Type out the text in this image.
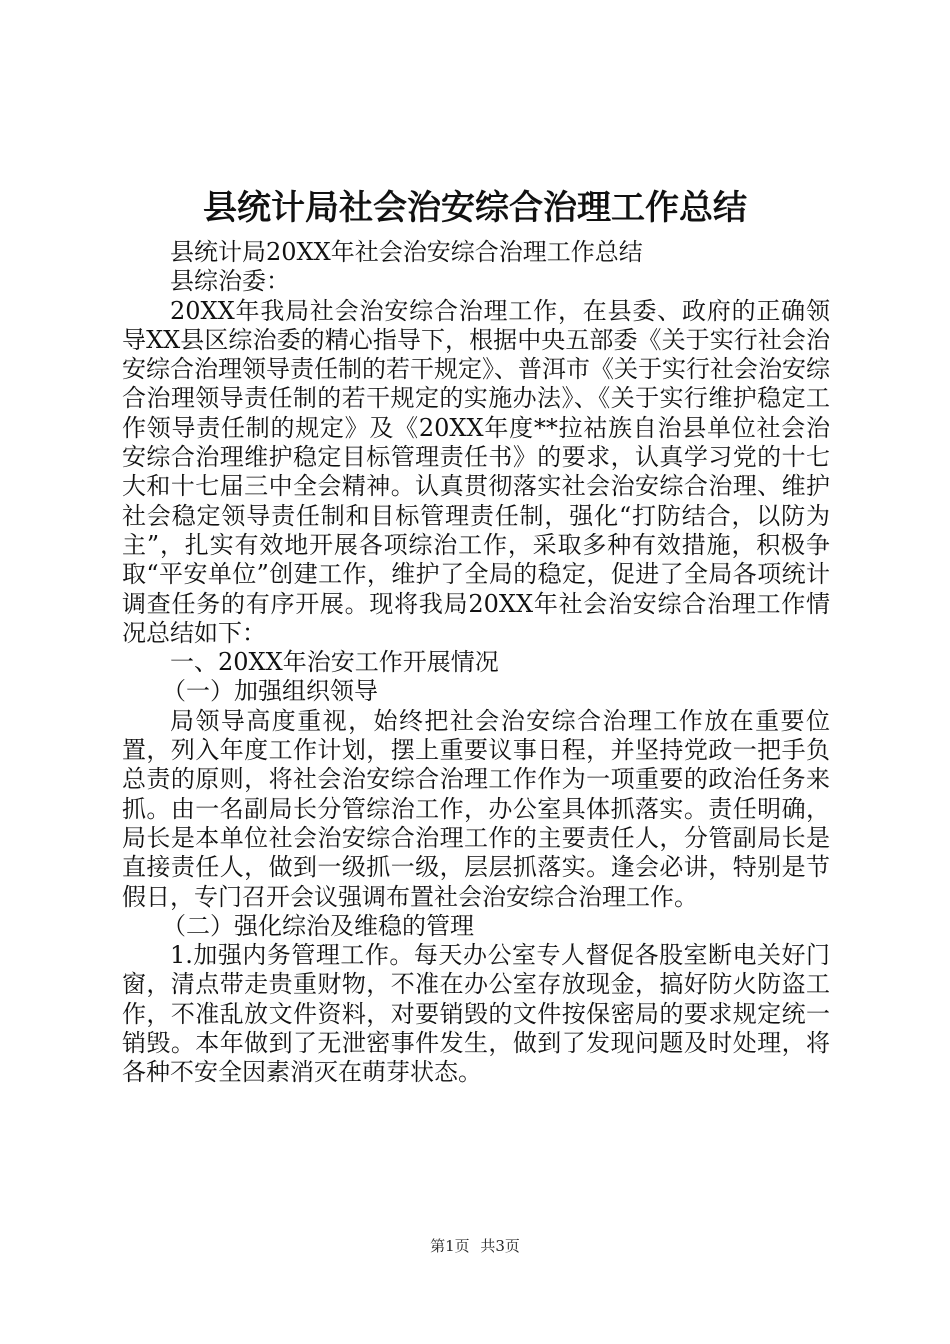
县统计局社会治安综合治理工作总结

县统计局20XX年社会治安综合治理工作总结

县综治委：

20XX年我局社会治安综合治理工作，在县委、政府的正确领导XX县区综治委的精心指导下，根据中央五部委《关于实行社会治安综合治理领导责任制的若干规定》、普洱市《关于实行社会治安综合治理领导责任制的若干规定的实施办法》、《关于实行维护稳定工作领导责任制的规定》及《20XX年度**拉祜族自治县单位社会治安综合治理维护稳定目标管理责任书》的要求，认真学习党的十七大和十七届三中全会精神。认真贯彻落实社会治安综合治理、维护社会稳定领导责任制和目标管理责任制，强化“打防结合，以防为主”，扎实有效地开展各项综治工作，采取多种有效措施，积极争取“平安单位”创建工作，维护了全局的稳定，促进了全局各项统计调查任务的有序开展。现将我局20XX年社会治安综合治理工作情况总结如下：

一、20XX年治安工作开展情况

（一）加强组织领导

局领导高度重视，始终把社会治安综合治理工作放在重要位置，列入年度工作计划，摆上重要议事日程，并坚持党政一把手负总责的原则，将社会治安综合治理工作作为一项重要的政治任务来抓。由一名副局长分管综治工作，办公室具体抓落实。责任明确，局长是本单位社会治安综合治理工作的主要责任人，分管副局长是直接责任人，做到一级抓一级，层层抓落实。逢会必讲，特别是节假日，专门召开会议强调布置社会治安综合治理工作。

（二）强化综治及维稳的管理

1.加强内务管理工作。每天办公室专人督促各股室断电关好门窗，清点带走贵重财物，不准在办公室存放现金，搞好防火防盗工作，不准乱放文件资料，对要销毁的文件按保密局的要求规定统一销毁。本年做到了无泄密事件发生，做到了发现问题及时处理，将各种不安全因素消灭在萌芽状态。

第1页 共3页
